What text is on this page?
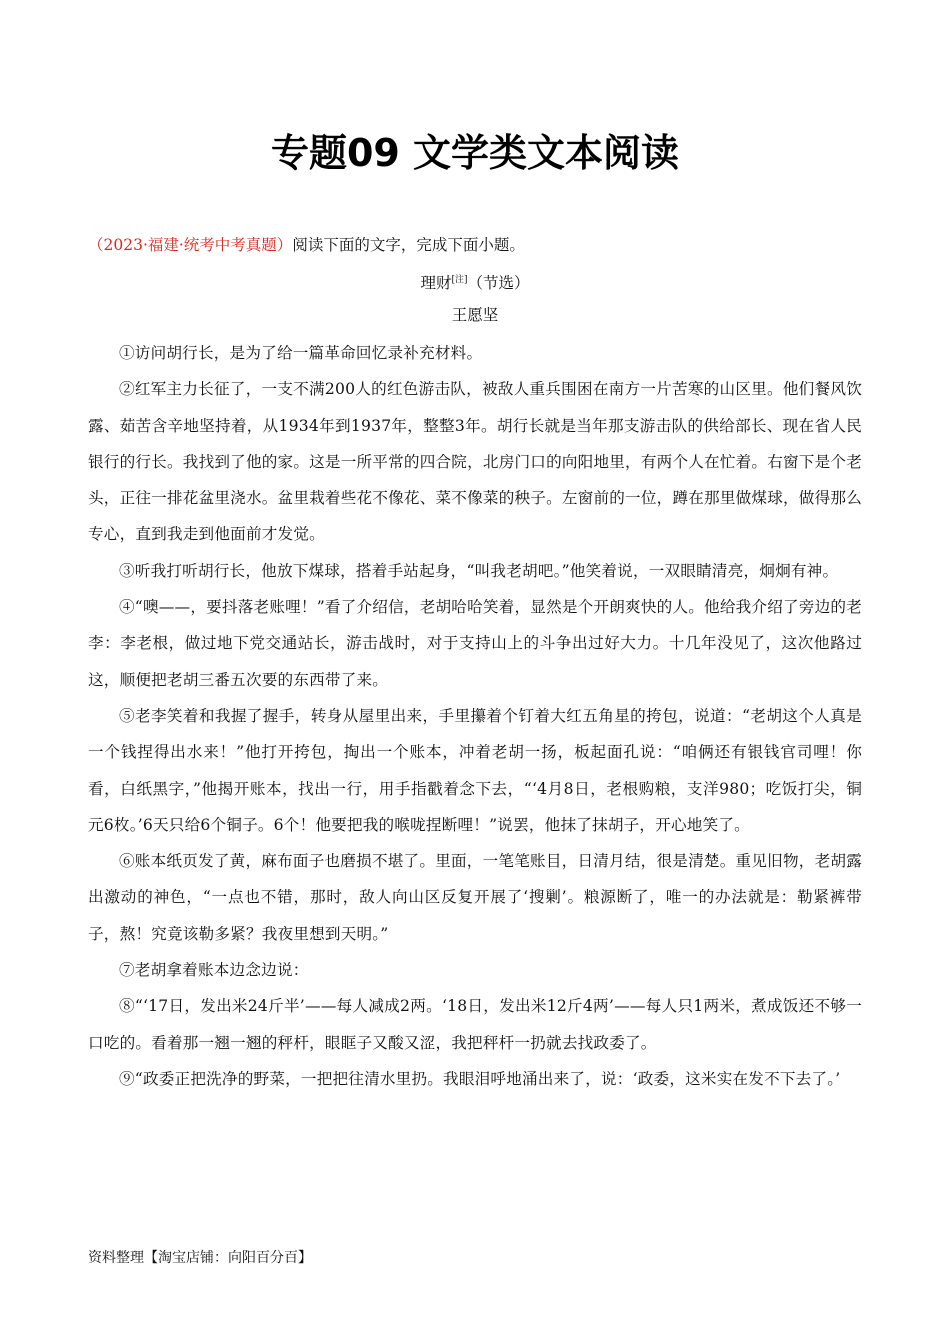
专题09 文学类文本阅读
（2023·福建·统考中考真题）阅读下面的文字，完成下面小题。
理财[注]（节选）
王愿坚

①访问胡行长，是为了给一篇革命回忆录补充材料。

②红军主力长征了，一支不满200人的红色游击队，被敌人重兵围困在南方一片苦寒的山区里。他们餐风饮露、茹苦含辛地坚持着，从1934年到1937年，整整3年。胡行长就是当年那支游击队的供给部长、现在省人民银行的行长。我找到了他的家。这是一所平常的四合院，北房门口的向阳地里，有两个人在忙着。右窗下是个老头，正往一排花盆里浇水。盆里栽着些花不像花、菜不像菜的秧子。左窗前的一位，蹲在那里做煤球，做得那么专心，直到我走到他面前才发觉。

③听我打听胡行长，他放下煤球，搭着手站起身，“叫我老胡吧。”他笑着说，一双眼睛清亮，炯炯有神。

④“噢——，要抖落老账哩！”看了介绍信，老胡哈哈笑着，显然是个开朗爽快的人。他给我介绍了旁边的老李：李老根，做过地下党交通站长，游击战时，对于支持山上的斗争出过好大力。十几年没见了，这次他路过这，顺便把老胡三番五次要的东西带了来。

⑤老李笑着和我握了握手，转身从屋里出来，手里攥着个钉着大红五角星的挎包，说道：“老胡这个人真是一个钱捏得出水来！”他打开挎包，掏出一个账本，冲着老胡一扬，板起面孔说：“咱俩还有银钱官司哩！你看，白纸黑字，”他揭开账本，找出一行，用手指戳着念下去，“‘4月8日，老根购粮，支洋980；吃饭打尖，铜元6枚。’6天只给6个铜子。6个！他要把我的喉咙捏断哩！”说罢，他抹了抹胡子，开心地笑了。

⑥账本纸页发了黄，麻布面子也磨损不堪了。里面，一笔笔账目，日清月结，很是清楚。重见旧物，老胡露出激动的神色，“一点也不错，那时，敌人向山区反复开展了‘搜剿’。粮源断了，唯一的办法就是：勒紧裤带子，熬！究竟该勒多紧？我夜里想到天明。”

⑦老胡拿着账本边念边说：

⑧“‘17日，发出米24斤半’——每人减成2两。‘18日，发出米12斤4两’——每人只1两米，煮成饭还不够一口吃的。看着那一翘一翘的秤杆，眼眶子又酸又涩，我把秤杆一扔就去找政委了。

⑨“政委正把洗净的野菜，一把把往清水里扔。我眼泪呼地涌出来了，说：‘政委，这米实在发不下去了。’

资料整理【淘宝店铺：向阳百分百】
